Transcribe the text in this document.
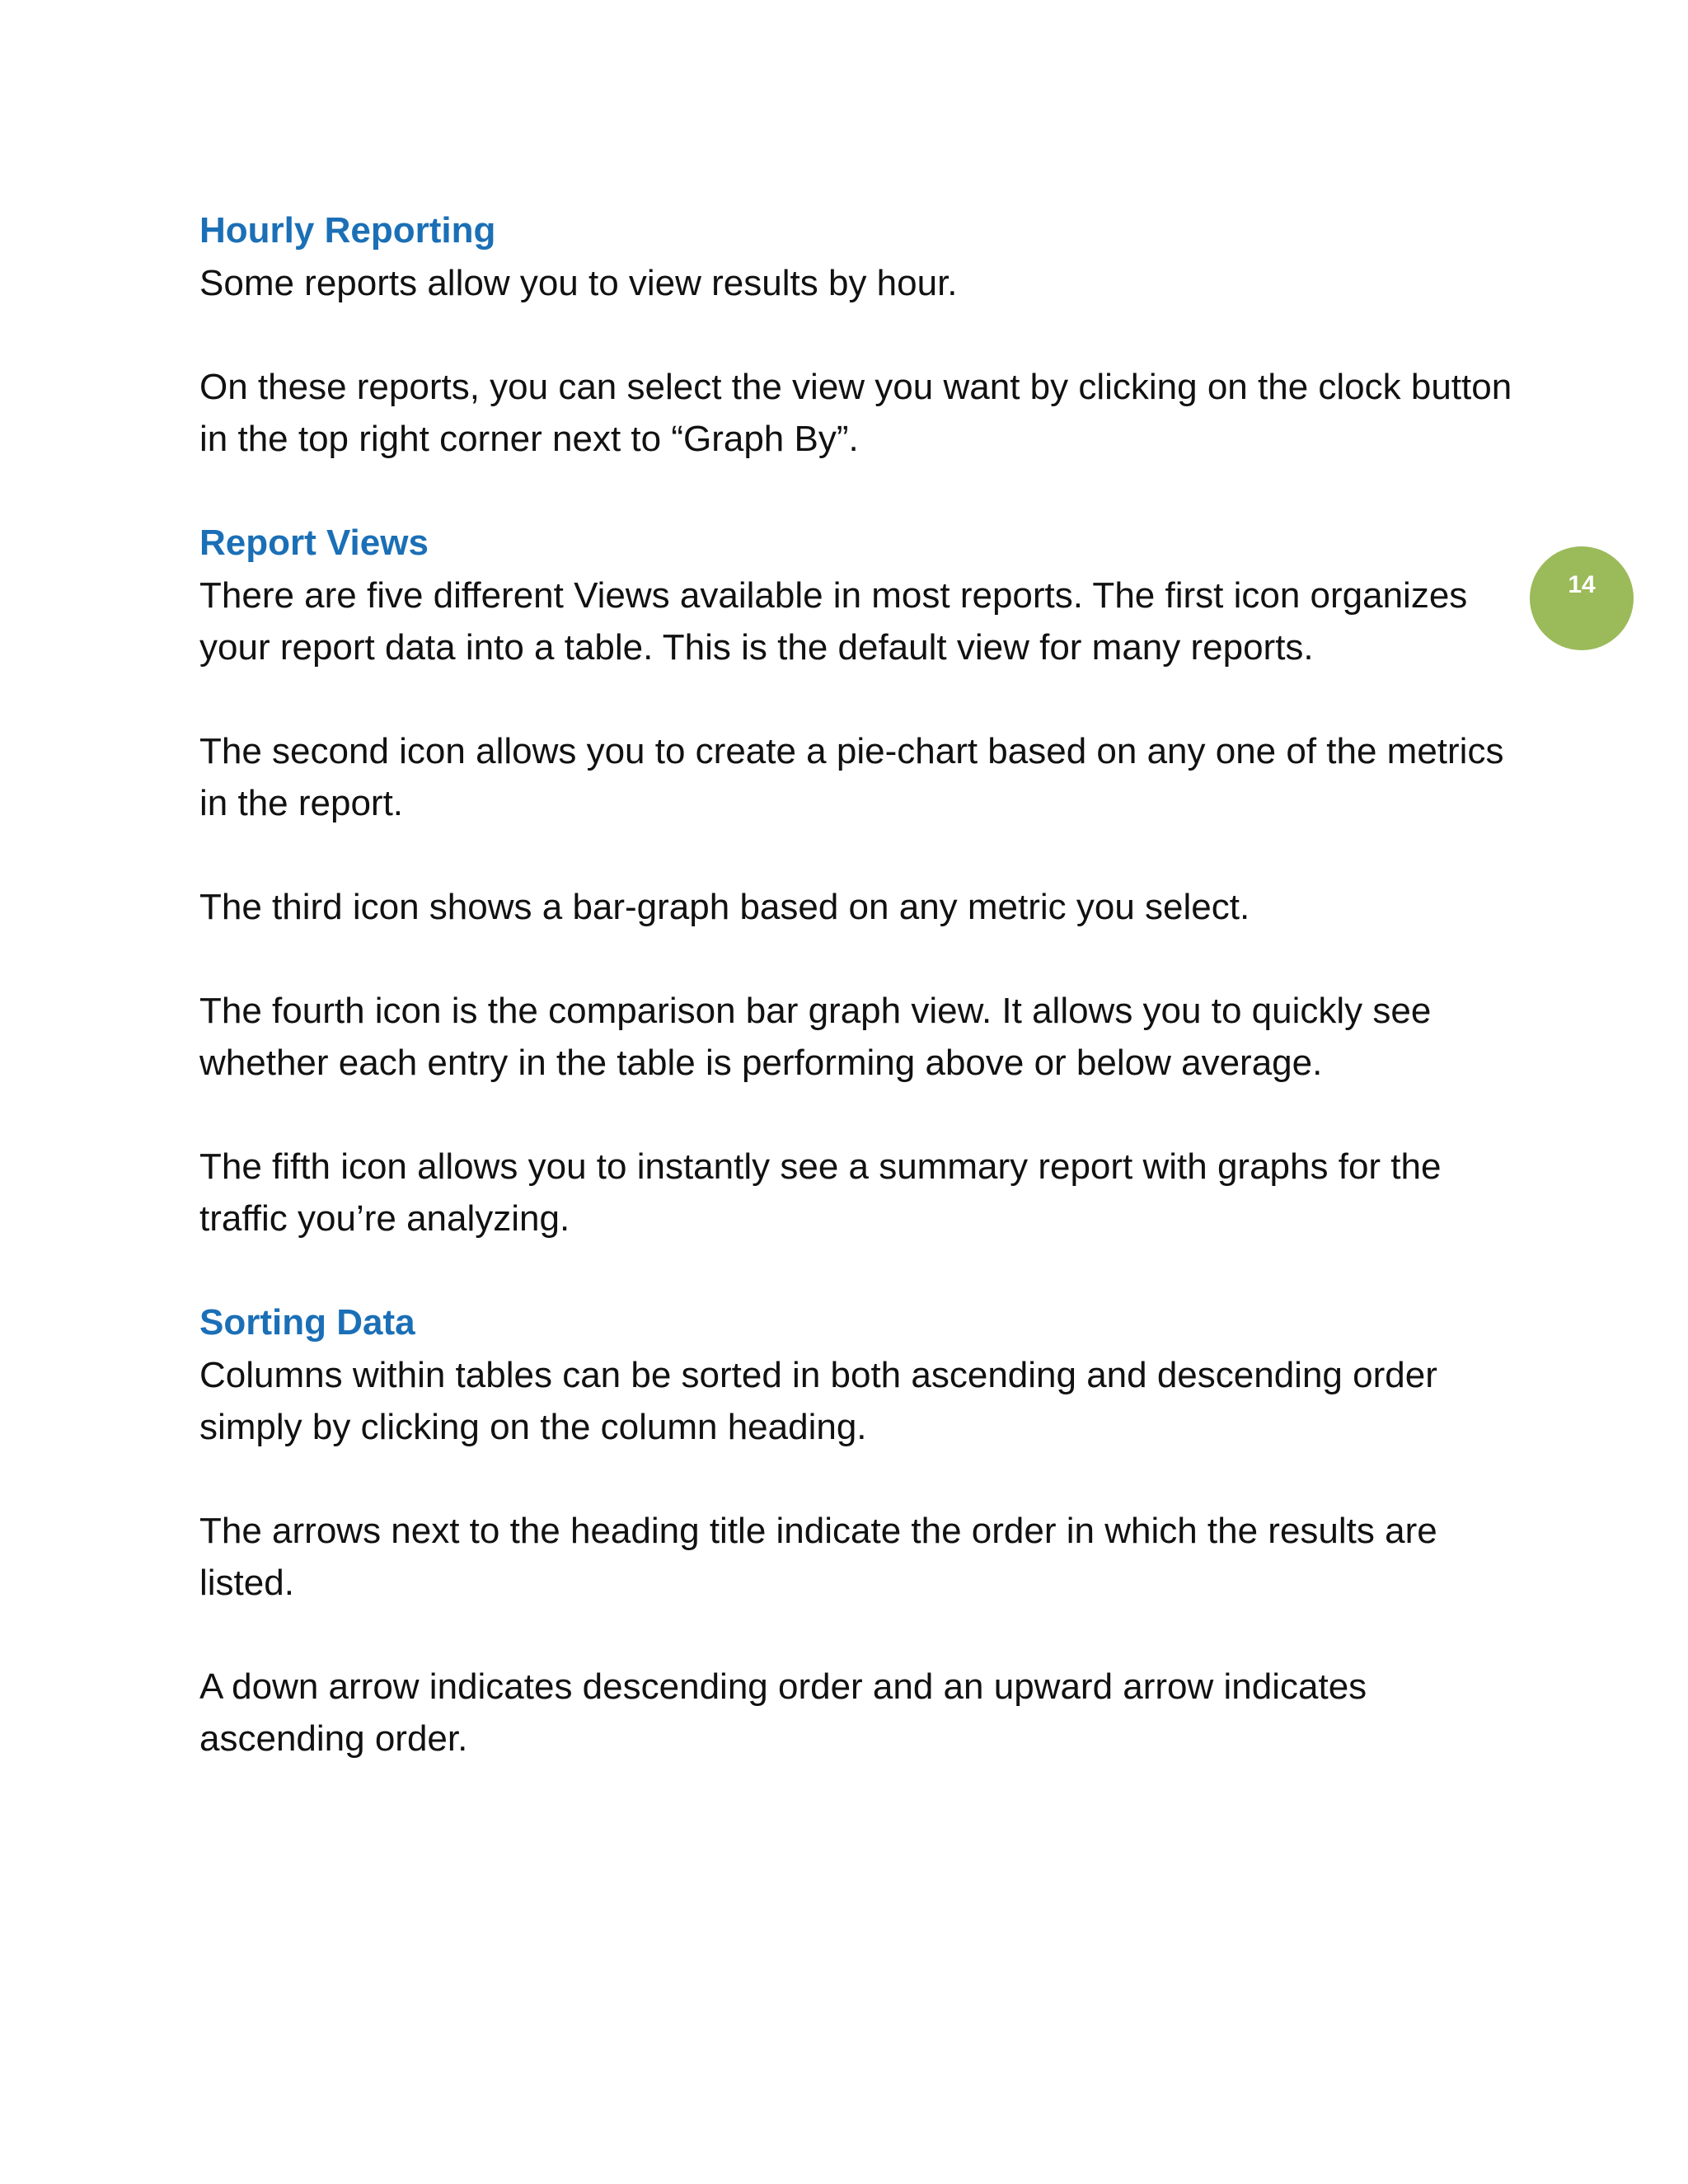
Hourly Reporting

Some reports allow you to view results by hour.

On these reports, you can select the view you want by clicking on the clock button in the top right corner next to “Graph By”.

Report Views

There are five different Views available in most reports. The first icon organizes your report data into a table. This is the default view for many reports.

The second icon allows you to create a pie-chart based on any one of the metrics in the report.

The third icon shows a bar-graph based on any metric you select.

The fourth icon is the comparison bar graph view. It allows you to quickly see whether each entry in the table is performing above or below average.

The fifth icon allows you to instantly see a summary report with graphs for the traffic you’re analyzing.

Sorting Data

Columns within tables can be sorted in both ascending and descending order simply by clicking on the column heading.

The arrows next to the heading title indicate the order in which the results are listed.

A down arrow indicates descending order and an upward arrow indicates ascending order.

14
